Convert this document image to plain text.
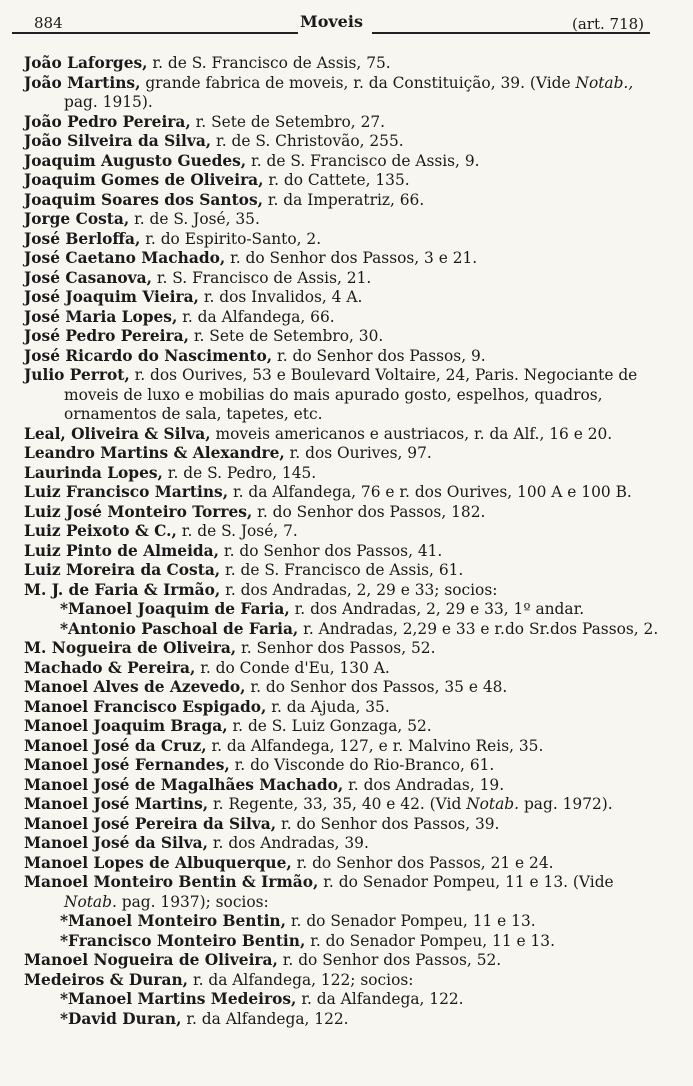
884	Moveis	(art. 718)

João Laforges, r. de S. Francisco de Assis, 75.

João Martins, grande fabrica de moveis, r. da Constituição, 39. (Vide Notab., pag. 1915).

João Pedro Pereira, r. Sete de Setembro, 27.

João Silveira da Silva, r. de S. Christovão, 255.

Joaquim Augusto Guedes, r. de S. Francisco de Assis, 9.

Joaquim Gomes de Oliveira, r. do Cattete, 135.

Joaquim Soares dos Santos, r. da Imperatriz, 66.

Jorge Costa, r. de S. José, 35.

José Berloffa, r. do Espirito-Santo, 2.

José Caetano Machado, r. do Senhor dos Passos, 3 e 21.

José Casanova, r. S. Francisco de Assis, 21.

José Joaquim Vieira, r. dos Invalidos, 4 A.

José Maria Lopes, r. da Alfandega, 66.

José Pedro Pereira, r. Sete de Setembro, 30.

José Ricardo do Nascimento, r. do Senhor dos Passos, 9.

Julio Perrot, r. dos Ourives, 53 e Boulevard Voltaire, 24, Paris. Negociante de moveis de luxo e mobilias do mais apurado gosto, espelhos, quadros, ornamentos de sala, tapetes, etc.

Leal, Oliveira & Silva, moveis americanos e austriacos, r. da Alf., 16 e 20.

Leandro Martins & Alexandre, r. dos Ourives, 97.

Laurinda Lopes, r. de S. Pedro, 145.

Luiz Francisco Martins, r. da Alfandega, 76 e r. dos Ourives, 100 A e 100 B.

Luiz José Monteiro Torres, r. do Senhor dos Passos, 182.

Luiz Peixoto & C., r. de S. José, 7.

Luiz Pinto de Almeida, r. do Senhor dos Passos, 41.

Luiz Moreira da Costa, r. de S. Francisco de Assis, 61.

M. J. de Faria & Irmão, r. dos Andradas, 2, 29 e 33; socios:

*Manoel Joaquim de Faria, r. dos Andradas, 2, 29 e 33, 1º andar.

*Antonio Paschoal de Faria, r. Andradas, 2,29 e 33 e r.do Sr.dos Passos, 2.

M. Nogueira de Oliveira, r. Senhor dos Passos, 52.

Machado & Pereira, r. do Conde d'Eu, 130 A.

Manoel Alves de Azevedo, r. do Senhor dos Passos, 35 e 48.

Manoel Francisco Espigado, r. da Ajuda, 35.

Manoel Joaquim Braga, r. de S. Luiz Gonzaga, 52.

Manoel José da Cruz, r. da Alfandega, 127, e r. Malvino Reis, 35.

Manoel José Fernandes, r. do Visconde do Rio-Branco, 61.

Manoel José de Magalhães Machado, r. dos Andradas, 19.

Manoel José Martins, r. Regente, 33, 35, 40 e 42. (Vid Notab. pag. 1972).

Manoel José Pereira da Silva, r. do Senhor dos Passos, 39.

Manoel José da Silva, r. dos Andradas, 39.

Manoel Lopes de Albuquerque, r. do Senhor dos Passos, 21 e 24.

Manoel Monteiro Bentin & Irmão, r. do Senador Pompeu, 11 e 13. (Vide Notab. pag. 1937); socios:

*Manoel Monteiro Bentin, r. do Senador Pompeu, 11 e 13.

*Francisco Monteiro Bentin, r. do Senador Pompeu, 11 e 13.

Manoel Nogueira de Oliveira, r. do Senhor dos Passos, 52.

Medeiros & Duran, r. da Alfandega, 122; socios:

*Manoel Martins Medeiros, r. da Alfandega, 122.

*David Duran, r. da Alfandega, 122.
